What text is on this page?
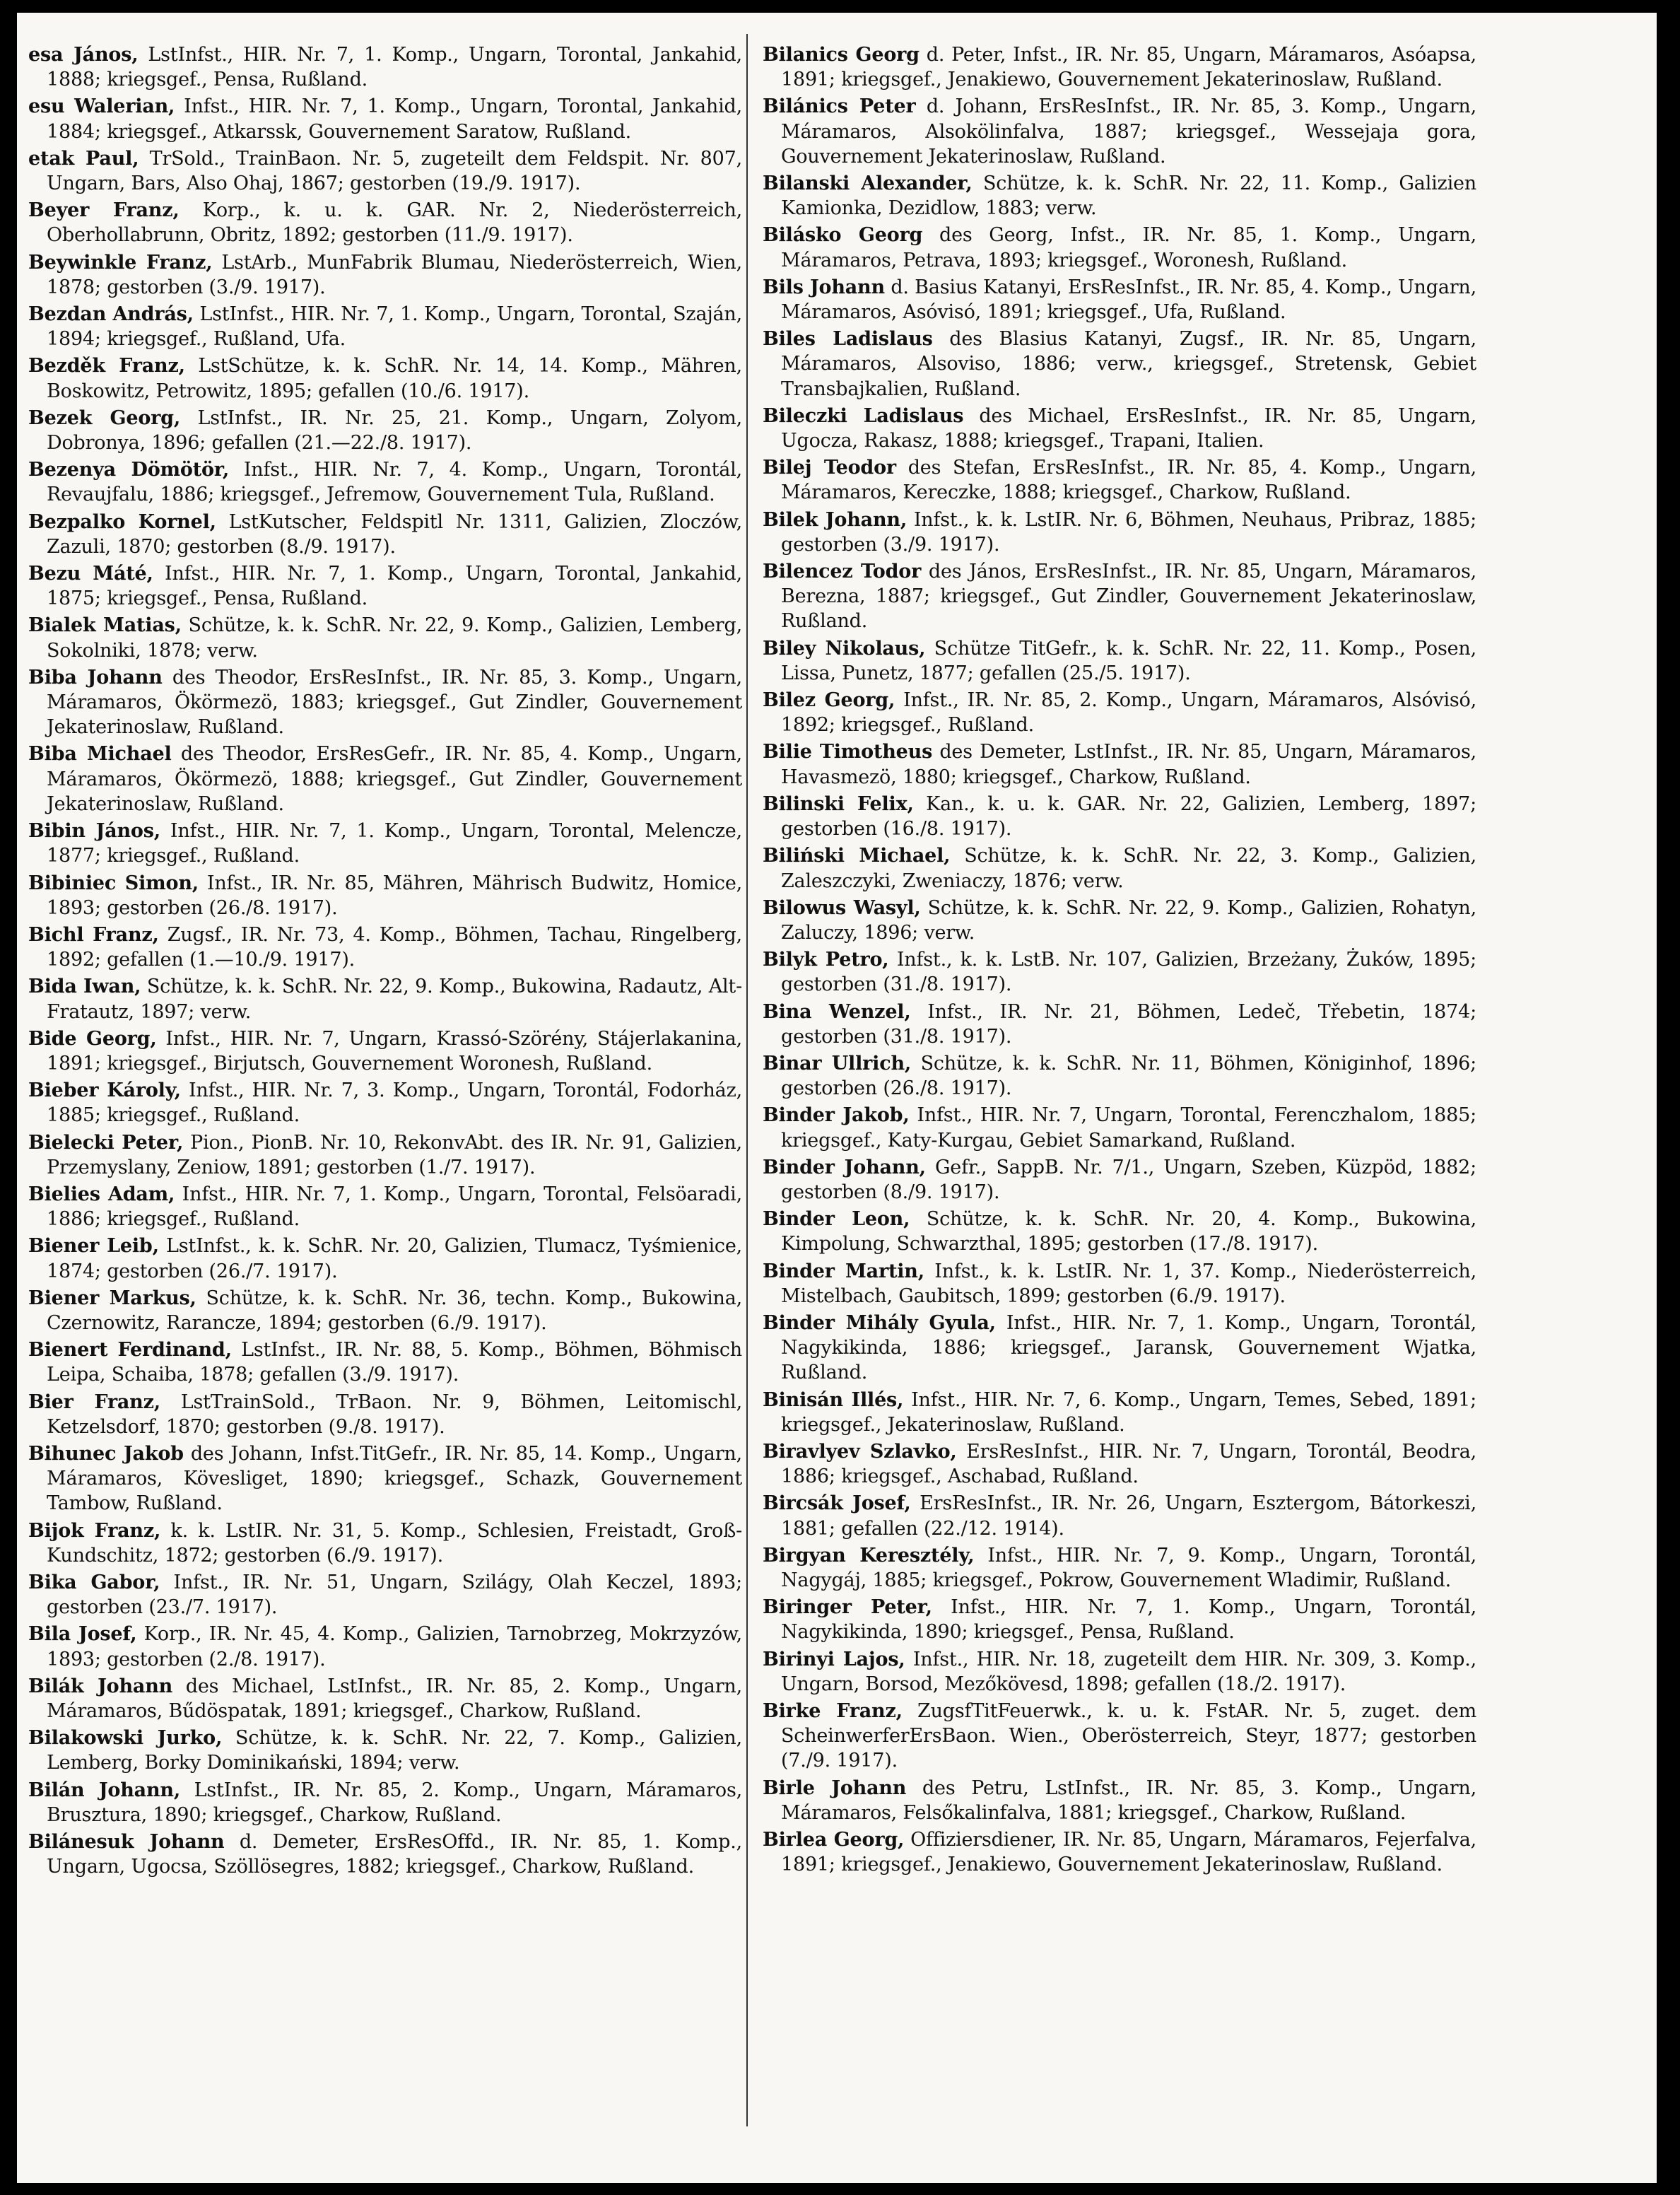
esa János, LstInfst., HIR. Nr. 7, 1. Komp., Ungarn, Torontal, Jankahid, 1888; kriegsgef., Pensa, Rußland.

esu Walerian, Infst., HIR. Nr. 7, 1. Komp., Ungarn, Torontal, Jankahid, 1884; kriegsgef., Atkarssk, Gouvernement Saratow, Rußland.

etak Paul, TrSold., TrainBaon. Nr. 5, zugeteilt dem Feldspit. Nr. 807, Ungarn, Bars, Also Ohaj, 1867; gestorben (19./9. 1917).

Beyer Franz, Korp., k. u. k. GAR. Nr. 2, Niederösterreich, Oberhollabrunn, Obritz, 1892; gestorben (11./9. 1917).

Beywinkle Franz, LstArb., MunFabrik Blumau, Niederösterreich, Wien, 1878; gestorben (3./9. 1917).

Bezdan András, LstInfst., HIR. Nr. 7, 1. Komp., Ungarn, Torontal, Szaján, 1894; kriegsgef., Rußland, Ufa.

Bezděk Franz, LstSchütze, k. k. SchR. Nr. 14, 14. Komp., Mähren, Boskowitz, Petrowitz, 1895; gefallen (10./6. 1917).

Bezek Georg, LstInfst., IR. Nr. 25, 21. Komp., Ungarn, Zolyom, Dobronya, 1896; gefallen (21.—22./8. 1917).

Bezenya Dömötör, Infst., HIR. Nr. 7, 4. Komp., Ungarn, Torontál, Revaujfalu, 1886; kriegsgef., Jefremow, Gouvernement Tula, Rußland.

Bezpalko Kornel, LstKutscher, Feldspitl Nr. 1311, Galizien, Zloczów, Zazuli, 1870; gestorben (8./9. 1917).

Bezu Máté, Infst., HIR. Nr. 7, 1. Komp., Ungarn, Torontal, Jankahid, 1875; kriegsgef., Pensa, Rußland.

Bialek Matias, Schütze, k. k. SchR. Nr. 22, 9. Komp., Galizien, Lemberg, Sokolniki, 1878; verw.

Biba Johann des Theodor, ErsResInfst., IR. Nr. 85, 3. Komp., Ungarn, Máramaros, Ökörmezö, 1883; kriegsgef., Gut Zindler, Gouvernement Jekaterinoslaw, Rußland.

Biba Michael des Theodor, ErsResGefr., IR. Nr. 85, 4. Komp., Ungarn, Máramaros, Ökörmezö, 1888; kriegsgef., Gut Zindler, Gouvernement Jekaterinoslaw, Rußland.

Bibin János, Infst., HIR. Nr. 7, 1. Komp., Ungarn, Torontal, Melencze, 1877; kriegsgef., Rußland.

Bibiniec Simon, Infst., IR. Nr. 85, Mähren, Mährisch Budwitz, Homice, 1893; gestorben (26./8. 1917).

Bichl Franz, Zugsf., IR. Nr. 73, 4. Komp., Böhmen, Tachau, Ringelberg, 1892; gefallen (1.—10./9. 1917).

Bida Iwan, Schütze, k. k. SchR. Nr. 22, 9. Komp., Bukowina, Radautz, Alt-Fratautz, 1897; verw.

Bide Georg, Infst., HIR. Nr. 7, Ungarn, Krassó-Szörény, Stájerlakanina, 1891; kriegsgef., Birjutsch, Gouvernement Woronesh, Rußland.

Bieber Károly, Infst., HIR. Nr. 7, 3. Komp., Ungarn, Torontál, Fodorház, 1885; kriegsgef., Rußland.

Bielecki Peter, Pion., PionB. Nr. 10, RekonvAbt. des IR. Nr. 91, Galizien, Przemyslany, Zeniow, 1891; gestorben (1./7. 1917).

Bielies Adam, Infst., HIR. Nr. 7, 1. Komp., Ungarn, Torontal, Felsöaradi, 1886; kriegsgef., Rußland.

Biener Leib, LstInfst., k. k. SchR. Nr. 20, Galizien, Tlumacz, Tyśmienice, 1874; gestorben (26./7. 1917).

Biener Markus, Schütze, k. k. SchR. Nr. 36, techn. Komp., Bukowina, Czernowitz, Rarancze, 1894; gestorben (6./9. 1917).

Bienert Ferdinand, LstInfst., IR. Nr. 88, 5. Komp., Böhmen, Böhmisch Leipa, Schaiba, 1878; gefallen (3./9. 1917).

Bier Franz, LstTrainSold., TrBaon. Nr. 9, Böhmen, Leitomischl, Ketzelsdorf, 1870; gestorben (9./8. 1917).

Bihunec Jakob des Johann, Infst.TitGefr., IR. Nr. 85, 14. Komp., Ungarn, Máramaros, Kövesliget, 1890; kriegsgef., Schazk, Gouvernement Tambow, Rußland.

Bijok Franz, k. k. LstIR. Nr. 31, 5. Komp., Schlesien, Freistadt, Groß-Kundschitz, 1872; gestorben (6./9. 1917).

Bika Gabor, Infst., IR. Nr. 51, Ungarn, Szilágy, Olah Keczel, 1893; gestorben (23./7. 1917).

Bila Josef, Korp., IR. Nr. 45, 4. Komp., Galizien, Tarnobrzeg, Mokrzyzów, 1893; gestorben (2./8. 1917).

Bilák Johann des Michael, LstInfst., IR. Nr. 85, 2. Komp., Ungarn, Máramaros, Bűdöspatak, 1891; kriegsgef., Charkow, Rußland.

Bilakowski Jurko, Schütze, k. k. SchR. Nr. 22, 7. Komp., Galizien, Lemberg, Borky Dominikański, 1894; verw.

Bilán Johann, LstInfst., IR. Nr. 85, 2. Komp., Ungarn, Máramaros, Brusztura, 1890; kriegsgef., Charkow, Rußland.

Bilánesuk Johann d. Demeter, ErsResOffd., IR. Nr. 85, 1. Komp., Ungarn, Ugocsa, Szöllösegres, 1882; kriegsgef., Charkow, Rußland.

Bilanics Georg d. Peter, Infst., IR. Nr. 85, Ungarn, Máramaros, Asóapsa, 1891; kriegsgef., Jenakiewo, Gouvernement Jekaterinoslaw, Rußland.

Bilánics Peter d. Johann, ErsResInfst., IR. Nr. 85, 3. Komp., Ungarn, Máramaros, Alsokölinfalva, 1887; kriegsgef., Wessejaja gora, Gouvernement Jekaterinoslaw, Rußland.

Bilanski Alexander, Schütze, k. k. SchR. Nr. 22, 11. Komp., Galizien Kamionka, Dezidlow, 1883; verw.

Bilásko Georg des Georg, Infst., IR. Nr. 85, 1. Komp., Ungarn, Máramaros, Petrava, 1893; kriegsgef., Woronesh, Rußland.

Bils Johann d. Basius Katanyi, ErsResInfst., IR. Nr. 85, 4. Komp., Ungarn, Máramaros, Asóvisó, 1891; kriegsgef., Ufa, Rußland.

Biles Ladislaus des Blasius Katanyi, Zugsf., IR. Nr. 85, Ungarn, Máramaros, Alsoviso, 1886; verw., kriegsgef., Stretensk, Gebiet Transbajkalien, Rußland.

Bileczki Ladislaus des Michael, ErsResInfst., IR. Nr. 85, Ungarn, Ugocza, Rakasz, 1888; kriegsgef., Trapani, Italien.

Bilej Teodor des Stefan, ErsResInfst., IR. Nr. 85, 4. Komp., Ungarn, Máramaros, Kereczke, 1888; kriegsgef., Charkow, Rußland.

Bilek Johann, Infst., k. k. LstIR. Nr. 6, Böhmen, Neuhaus, Pribraz, 1885; gestorben (3./9. 1917).

Bilencez Todor des János, ErsResInfst., IR. Nr. 85, Ungarn, Máramaros, Berezna, 1887; kriegsgef., Gut Zindler, Gouvernement Jekaterinoslaw, Rußland.

Biley Nikolaus, Schütze TitGefr., k. k. SchR. Nr. 22, 11. Komp., Posen, Lissa, Punetz, 1877; gefallen (25./5. 1917).

Bilez Georg, Infst., IR. Nr. 85, 2. Komp., Ungarn, Máramaros, Alsóvisó, 1892; kriegsgef., Rußland.

Bilie Timotheus des Demeter, LstInfst., IR. Nr. 85, Ungarn, Máramaros, Havasmezö, 1880; kriegsgef., Charkow, Rußland.

Bilinski Felix, Kan., k. u. k. GAR. Nr. 22, Galizien, Lemberg, 1897; gestorben (16./8. 1917).

Biliński Michael, Schütze, k. k. SchR. Nr. 22, 3. Komp., Galizien, Zaleszczyki, Zweniaczy, 1876; verw.

Bilowus Wasyl, Schütze, k. k. SchR. Nr. 22, 9. Komp., Galizien, Rohatyn, Zaluczy, 1896; verw.

Bilyk Petro, Infst., k. k. LstB. Nr. 107, Galizien, Brzeżany, Żuków, 1895; gestorben (31./8. 1917).

Bina Wenzel, Infst., IR. Nr. 21, Böhmen, Ledeč, Třebetin, 1874; gestorben (31./8. 1917).

Binar Ullrich, Schütze, k. k. SchR. Nr. 11, Böhmen, Königinhof, 1896; gestorben (26./8. 1917).

Binder Jakob, Infst., HIR. Nr. 7, Ungarn, Torontal, Ferenczhalom, 1885; kriegsgef., Katy-Kurgau, Gebiet Samarkand, Rußland.

Binder Johann, Gefr., SappB. Nr. 7/1., Ungarn, Szeben, Küzpöd, 1882; gestorben (8./9. 1917).

Binder Leon, Schütze, k. k. SchR. Nr. 20, 4. Komp., Bukowina, Kimpolung, Schwarzthal, 1895; gestorben (17./8. 1917).

Binder Martin, Infst., k. k. LstIR. Nr. 1, 37. Komp., Niederösterreich, Mistelbach, Gaubitsch, 1899; gestorben (6./9. 1917).

Binder Mihály Gyula, Infst., HIR. Nr. 7, 1. Komp., Ungarn, Torontál, Nagykikinda, 1886; kriegsgef., Jaransk, Gouvernement Wjatka, Rußland.

Binisán Illés, Infst., HIR. Nr. 7, 6. Komp., Ungarn, Temes, Sebed, 1891; kriegsgef., Jekaterinoslaw, Rußland.

Biravlyev Szlavko, ErsResInfst., HIR. Nr. 7, Ungarn, Torontál, Beodra, 1886; kriegsgef., Aschabad, Rußland.

Bircsák Josef, ErsResInfst., IR. Nr. 26, Ungarn, Esztergom, Bátorkeszi, 1881; gefallen (22./12. 1914).

Birgyan Keresztély, Infst., HIR. Nr. 7, 9. Komp., Ungarn, Torontál, Nagygáj, 1885; kriegsgef., Pokrow, Gouvernement Wladimir, Rußland.

Biringer Peter, Infst., HIR. Nr. 7, 1. Komp., Ungarn, Torontál, Nagykikinda, 1890; kriegsgef., Pensa, Rußland.

Birinyi Lajos, Infst., HIR. Nr. 18, zugeteilt dem HIR. Nr. 309, 3. Komp., Ungarn, Borsod, Mezőkövesd, 1898; gefallen (18./2. 1917).

Birke Franz, ZugsfTitFeuerwk., k. u. k. FstAR. Nr. 5, zuget. dem ScheinwerferErsBaon. Wien., Oberösterreich, Steyr, 1877; gestorben (7./9. 1917).

Birle Johann des Petru, LstInfst., IR. Nr. 85, 3. Komp., Ungarn, Máramaros, Felsőkalinfalva, 1881; kriegsgef., Charkow, Rußland.

Birlea Georg, Offiziersdiener, IR. Nr. 85, Ungarn, Máramaros, Fejerfalva, 1891; kriegsgef., Jenakiewo, Gouvernement Jekaterinoslaw, Rußland.
